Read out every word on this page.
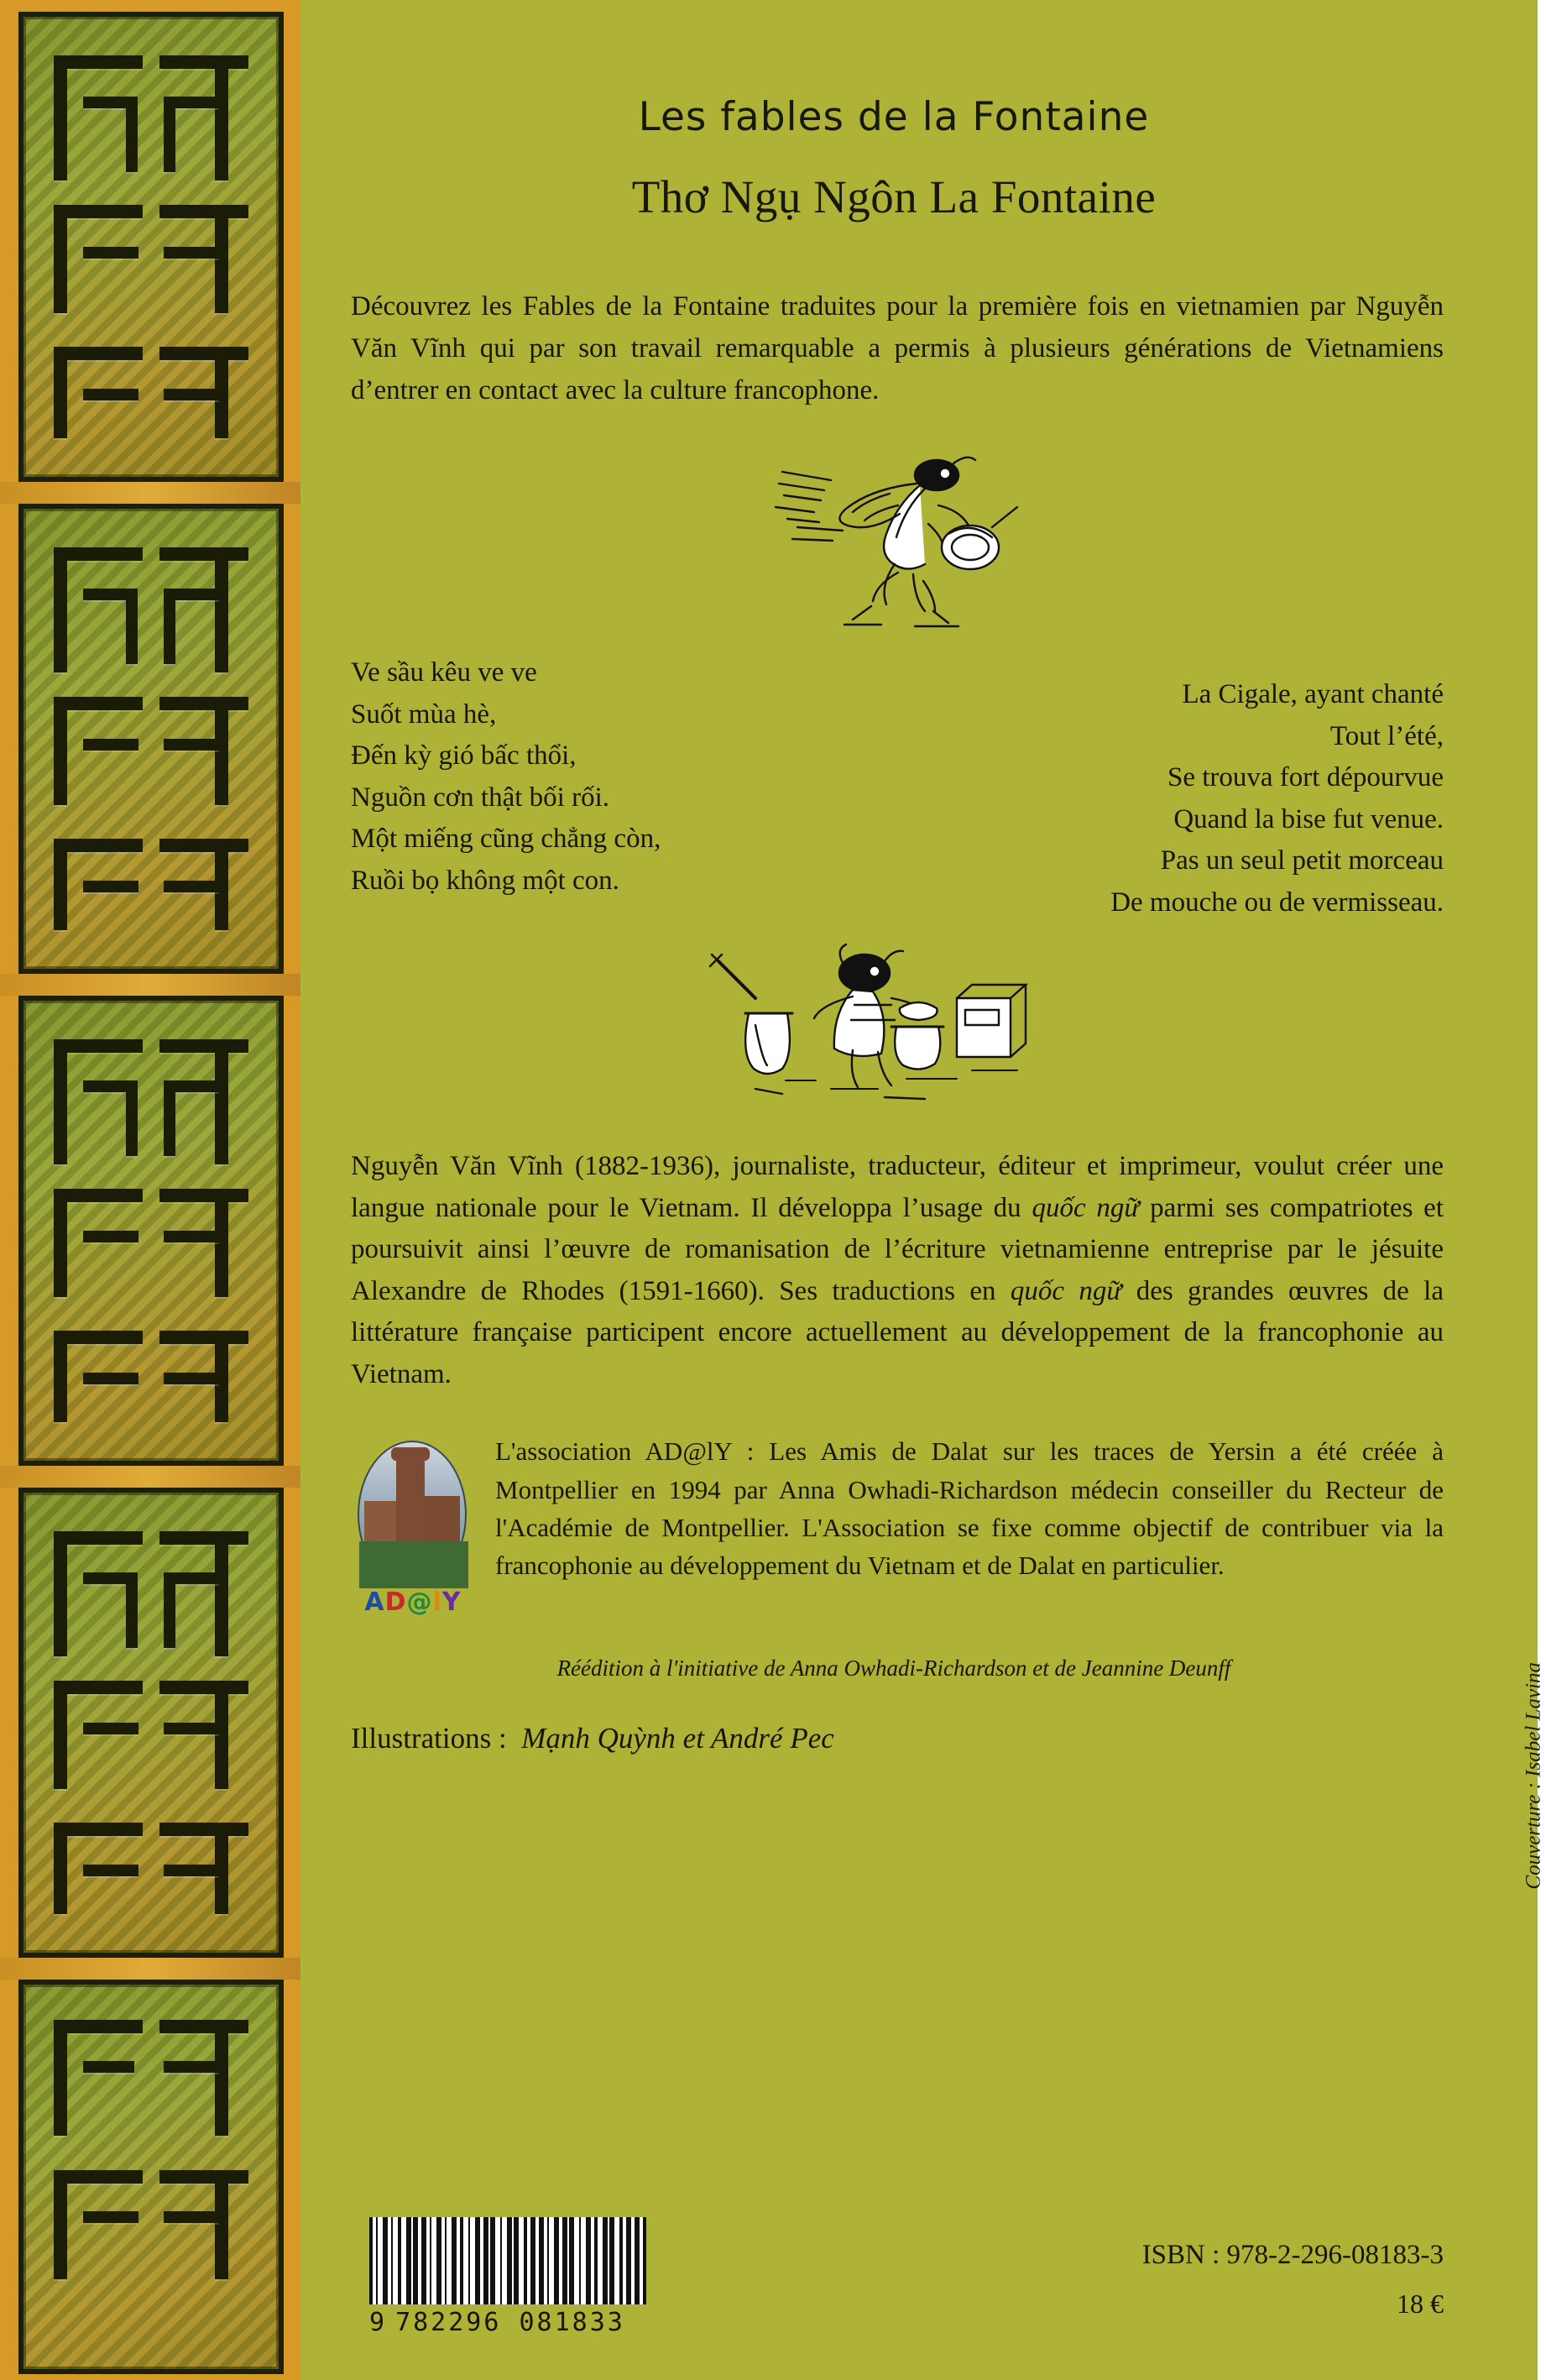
Couverture : Isabel Lavina
Les fables de la Fontaine
Thơ Ngụ Ngôn La Fontaine

Découvrez les Fables de la Fontaine traduites pour la première fois en vietnamien par Nguyễn Văn Vĩnh qui par son travail remarquable a permis à plusieurs générations de Vietnamiens d’entrer en contact avec la culture francophone.

Ve sầu kêu ve ve
Suốt mùa hè,
Đến kỳ gió bấc thổi,
Nguồn cơn thật bối rối.
Một miếng cũng chẳng còn,
Ruồi bọ không một con.
La Cigale, ayant chanté
Tout l’été,
Se trouva fort dépourvue
Quand la bise fut venue.
Pas un seul petit morceau
De mouche ou de vermisseau.

Nguyễn Văn Vĩnh (1882-1936), journaliste, traducteur, éditeur et imprimeur, voulut créer une langue nationale pour le Vietnam. Il développa l’usage du quốc ngữ parmi ses compatriotes et poursuivit ainsi l’œuvre de romanisation de l’écriture vietnamienne entreprise par le jésuite Alexandre de Rhodes (1591-1660). Ses traductions en quốc ngữ des grandes œuvres de la littérature française participent encore actuellement au développement de la francophonie au Vietnam.

AD@lY
L'association AD@lY : Les Amis de Dalat sur les traces de Yersin a été créée à Montpellier en 1994 par Anna Owhadi-Richardson médecin conseiller du Recteur de l'Académie de Montpellier. L'Association se fixe comme objectif de contribuer via la francophonie au développement du Vietnam et de Dalat en particulier.
Réédition à l'initiative de Anna Owhadi-Richardson et de Jeannine Deunff
Illustrations : Mạnh Quỳnh et André Pec
9 782296 081833
ISBN : 978-2-296-08183-3
18 €
